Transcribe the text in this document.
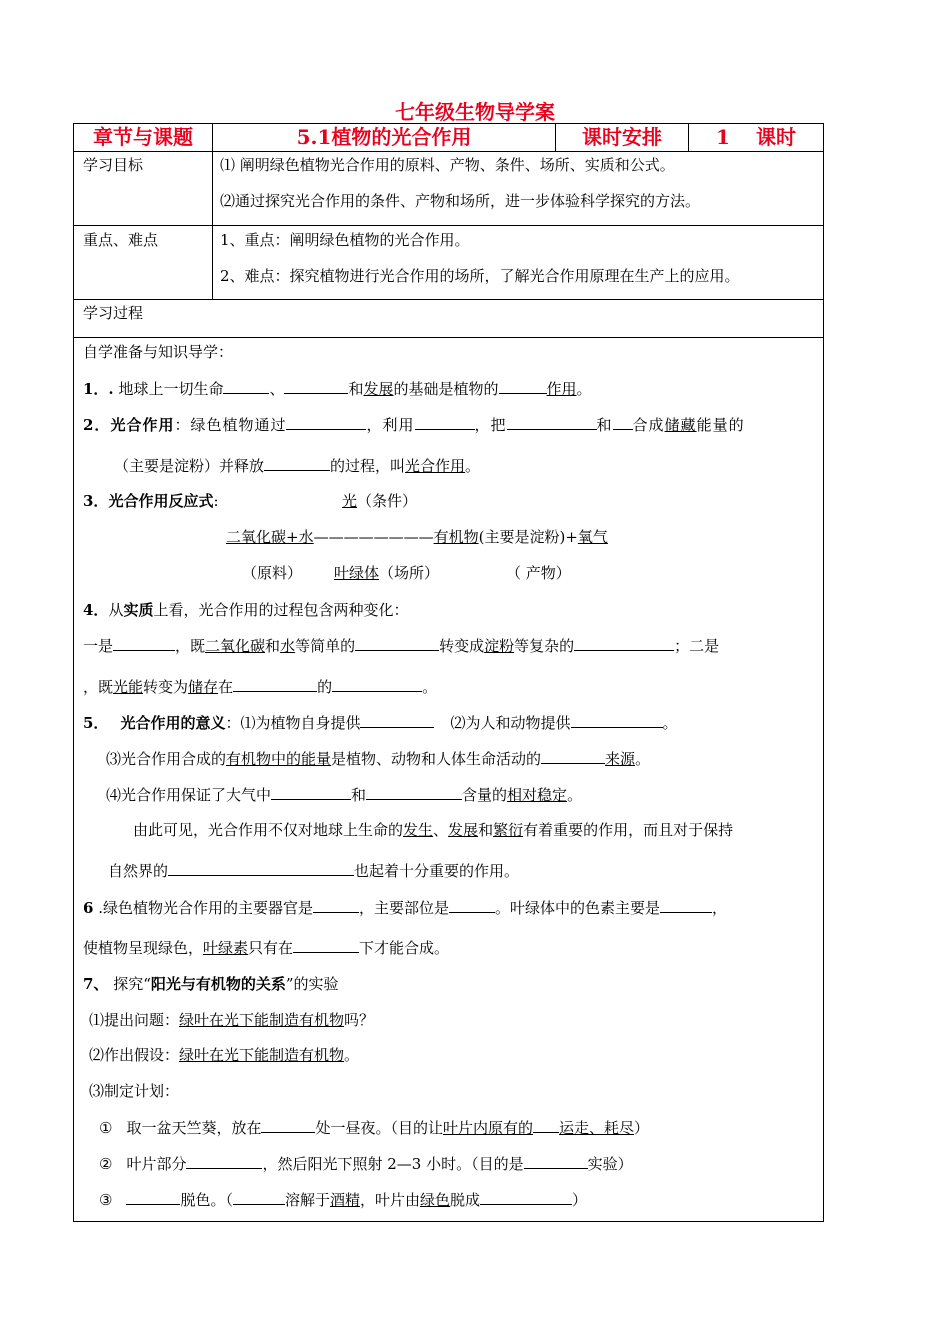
七年级生物导学案
章节与课题	5.1植物的光合作用	课时安排	1 课时
学习目标	⑴ 阐明绿色植物光合作用的原料、产物、条件、场所、实质和公式。
⑵通过探究光合作用的条件、产物和场所，进一步体验科学探究的方法。
重点、难点	1、重点：阐明绿色植物的光合作用。
2、难点：探究植物进行光合作用的场所，了解光合作用原理在生产上的应用。
学习过程
自学准备与知识导学：
1．. 地球上一切生命	、	和发展的基础是植物的	作用。
2．光合作用：绿色植物通过	，利用	，把	和 合成储藏能量的
（主要是淀粉）并释放	的过程，叫光合作用。
3．光合作用反应式:	光（条件）
二氧化碳+水————————有机物(主要是淀粉)+氧气
（原料） 叶绿体（场所）	（ 产物）
4．从实质上看，光合作用的过程包含两种变化：
一是	，既二氧化碳和水等简单的	转变成淀粉等复杂的	；二是
，既光能转变为储存在	的	。
5． 光合作用的意义：⑴为植物自身提供	⑵为人和动物提供	。
⑶光合作用合成的有机物中的能量是植物、动物和人体生命活动的	来源。
⑷光合作用保证了大气中	和	含量的相对稳定。
由此可见，光合作用不仅对地球上生命的发生、发展和繁衍有着重要的作用，而且对于保持
自然界的	也起着十分重要的作用。
6 .绿色植物光合作用的主要器官是	，主要部位是	。叶绿体中的色素主要是	，
使植物呈现绿色，叶绿素只有在	下才能合成。
7、 探究“阳光与有机物的关系”的实验
⑴提出问题：绿叶在光下能制造有机物吗？
⑵作出假设：绿叶在光下能制造有机物。
⑶制定计划：
① 取一盆天竺葵，放在	处一昼夜。（目的让叶片内原有的 运走、耗尽）
② 叶片部分	，然后阳光下照射 2—3 小时。（目的是	实验）
③	脱色。（	溶解于酒精，叶片由绿色脱成	）
